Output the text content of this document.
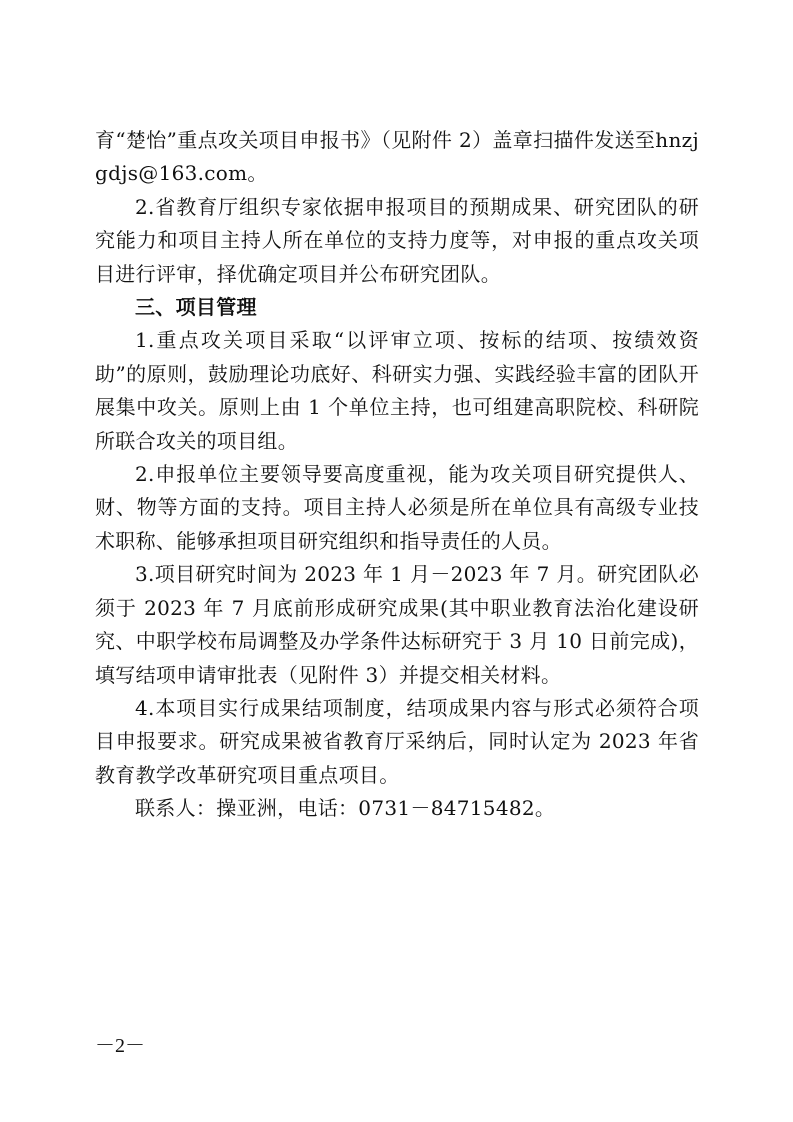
育“楚怡”重点攻关项目申报书》（见附件 2）盖章扫描件发送至hnzjgdjs@163.com。

2.省教育厅组织专家依据申报项目的预期成果、研究团队的研究能力和项目主持人所在单位的支持力度等，对申报的重点攻关项目进行评审，择优确定项目并公布研究团队。

三、项目管理

1.重点攻关项目采取“以评审立项、按标的结项、按绩效资助”的原则，鼓励理论功底好、科研实力强、实践经验丰富的团队开展集中攻关。原则上由 1 个单位主持，也可组建高职院校、科研院所联合攻关的项目组。

2.申报单位主要领导要高度重视，能为攻关项目研究提供人、财、物等方面的支持。项目主持人必须是所在单位具有高级专业技术职称、能够承担项目研究组织和指导责任的人员。

3.项目研究时间为 2023 年 1 月－2023 年 7 月。研究团队必须于 2023 年 7 月底前形成研究成果(其中职业教育法治化建设研究、中职学校布局调整及办学条件达标研究于 3 月 10 日前完成)，填写结项申请审批表（见附件 3）并提交相关材料。

4.本项目实行成果结项制度，结项成果内容与形式必须符合项目申报要求。研究成果被省教育厅采纳后，同时认定为 2023 年省教育教学改革研究项目重点项目。

联系人：操亚洲，电话：0731－84715482。

－2－
